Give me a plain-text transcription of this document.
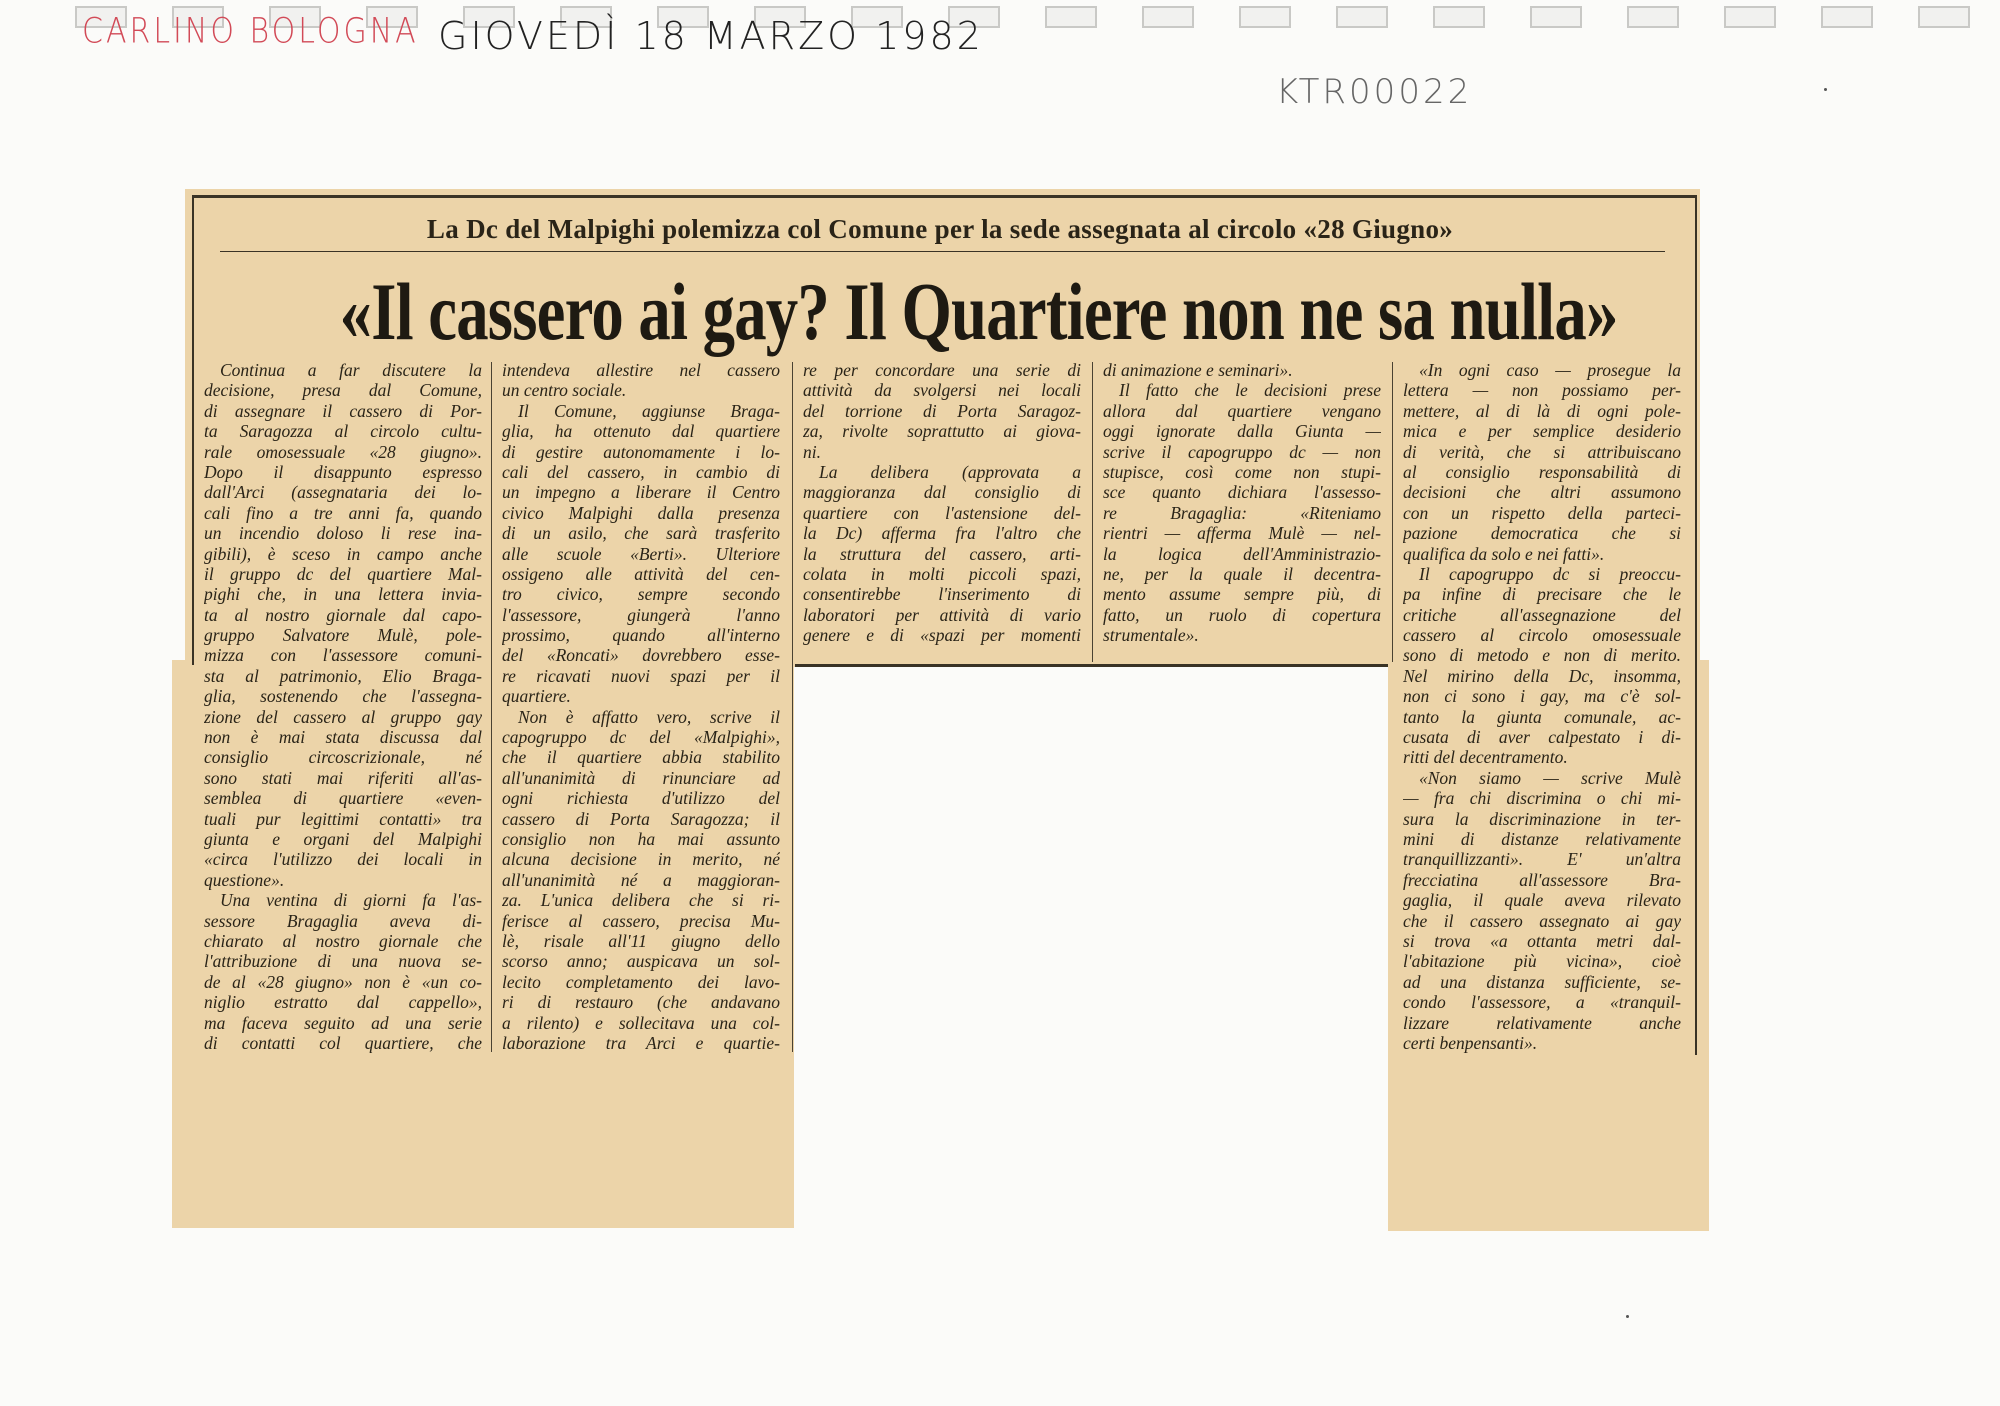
CARLINO BOLOGNA GIOVEDÌ 18 MARZO 1982
KTR00022
La Dc del Malpighi polemizza col Comune per la sede assegnata al circolo «28 Giugno»
«Il cassero ai gay? Il Quartiere non ne sa nulla»
Continua a far discutere la
decisione, presa dal Comune,
di assegnare il cassero di Por-
ta Saragozza al circolo cultu-
rale omosessuale «28 giugno».
Dopo il disappunto espresso
dall'Arci (assegnataria dei lo-
cali fino a tre anni fa, quando
un incendio doloso li rese ina-
gibili), è sceso in campo anche
il gruppo dc del quartiere Mal-
pighi che, in una lettera invia-
ta al nostro giornale dal capo-
gruppo Salvatore Mulè, pole-
mizza con l'assessore comuni-
sta al patrimonio, Elio Braga-
glia, sostenendo che l'assegna-
zione del cassero al gruppo gay
non è mai stata discussa dal
consiglio circoscrizionale, né
sono stati mai riferiti all'as-
semblea di quartiere «even-
tuali pur legittimi contatti» tra
giunta e organi del Malpighi
«circa l'utilizzo dei locali in
questione».
Una ventina di giorni fa l'as-
sessore Bragaglia aveva di-
chiarato al nostro giornale che
l'attribuzione di una nuova se-
de al «28 giugno» non è «un co-
niglio estratto dal cappello»,
ma faceva seguito ad una serie
di contatti col quartiere, che
intendeva allestire nel cassero
un centro sociale.
Il Comune, aggiunse Braga-
glia, ha ottenuto dal quartiere
di gestire autonomamente i lo-
cali del cassero, in cambio di
un impegno a liberare il Centro
civico Malpighi dalla presenza
di un asilo, che sarà trasferito
alle scuole «Berti». Ulteriore
ossigeno alle attività del cen-
tro civico, sempre secondo
l'assessore, giungerà l'anno
prossimo, quando all'interno
del «Roncati» dovrebbero esse-
re ricavati nuovi spazi per il
quartiere.
Non è affatto vero, scrive il
capogruppo dc del «Malpighi»,
che il quartiere abbia stabilito
all'unanimità di rinunciare ad
ogni richiesta d'utilizzo del
cassero di Porta Saragozza; il
consiglio non ha mai assunto
alcuna decisione in merito, né
all'unanimità né a maggioran-
za. L'unica delibera che si ri-
ferisce al cassero, precisa Mu-
lè, risale all'11 giugno dello
scorso anno; auspicava un sol-
lecito completamento dei lavo-
ri di restauro (che andavano
a rilento) e sollecitava una col-
laborazione tra Arci e quartie-
re per concordare una serie di
attività da svolgersi nei locali
del torrione di Porta Saragoz-
za, rivolte soprattutto ai giova-
ni.
La delibera (approvata a
maggioranza dal consiglio di
quartiere con l'astensione del-
la Dc) afferma fra l'altro che
la struttura del cassero, arti-
colata in molti piccoli spazi,
consentirebbe l'inserimento di
laboratori per attività di vario
genere e di «spazi per momenti
di animazione e seminari».
Il fatto che le decisioni prese
allora dal quartiere vengano
oggi ignorate dalla Giunta —
scrive il capogruppo dc — non
stupisce, così come non stupi-
sce quanto dichiara l'assesso-
re Bragaglia: «Riteniamo
rientri — afferma Mulè — nel-
la logica dell'Amministrazio-
ne, per la quale il decentra-
mento assume sempre più, di
fatto, un ruolo di copertura
strumentale».
«In ogni caso — prosegue la
lettera — non possiamo per-
mettere, al di là di ogni pole-
mica e per semplice desiderio
di verità, che si attribuiscano
al consiglio responsabilità di
decisioni che altri assumono
con un rispetto della parteci-
pazione democratica che si
qualifica da solo e nei fatti».
Il capogruppo dc si preoccu-
pa infine di precisare che le
critiche all'assegnazione del
cassero al circolo omosessuale
sono di metodo e non di merito.
Nel mirino della Dc, insomma,
non ci sono i gay, ma c'è sol-
tanto la giunta comunale, ac-
cusata di aver calpestato i di-
ritti del decentramento.
«Non siamo — scrive Mulè
— fra chi discrimina o chi mi-
sura la discriminazione in ter-
mini di distanze relativamente
tranquillizzanti». E' un'altra
frecciatina all'assessore Bra-
gaglia, il quale aveva rilevato
che il cassero assegnato ai gay
si trova «a ottanta metri dal-
l'abitazione più vicina», cioè
ad una distanza sufficiente, se-
condo l'assessore, a «tranquil-
lizzare relativamente anche
certi benpensanti».
